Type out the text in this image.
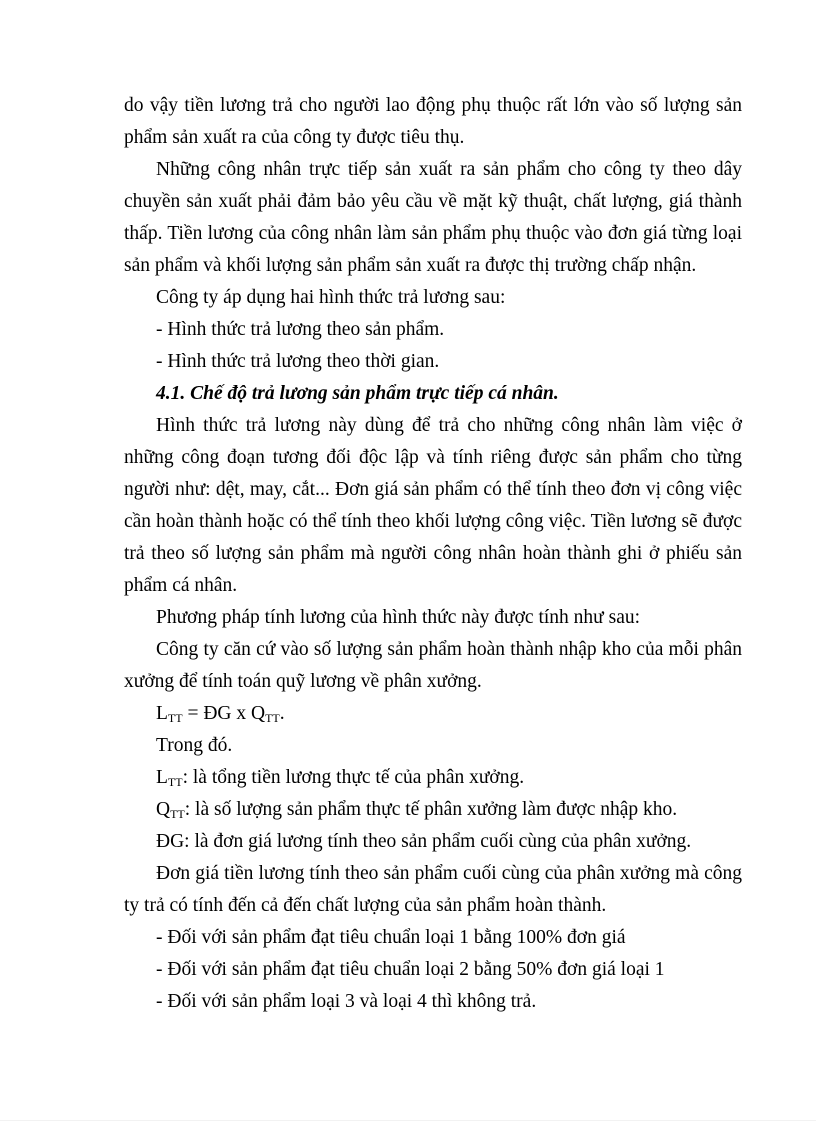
do vậy tiền lương trả cho người lao động phụ thuộc rất lớn vào số lượng sản phẩm sản xuất ra của công ty được tiêu thụ.

Những công nhân trực tiếp sản xuất ra sản phẩm cho công ty theo dây chuyền sản xuất phải đảm bảo yêu cầu về mặt kỹ thuật, chất lượng, giá thành thấp. Tiền lương của công nhân làm sản phẩm phụ thuộc vào đơn giá từng loại sản phẩm và khối lượng sản phẩm sản xuất ra được thị trường chấp nhận.

Công ty áp dụng hai hình thức trả lương sau:

- Hình thức trả lương theo sản phẩm.

- Hình thức trả lương theo thời gian.

4.1. Chế độ trả lương sản phẩm trực tiếp cá nhân.

Hình thức trả lương này dùng để trả cho những công nhân làm việc ở những công đoạn tương đối độc lập và tính riêng được sản phẩm cho từng người như: dệt, may, cắt... Đơn giá sản phẩm có thể tính theo đơn vị công việc cần hoàn thành hoặc có thể tính theo khối lượng công việc. Tiền lương sẽ được trả theo số lượng sản phẩm mà người công nhân hoàn thành ghi ở phiếu sản phẩm cá nhân.

Phương pháp tính lương của hình thức này được tính như sau:

Công ty căn cứ vào số lượng sản phẩm hoàn thành nhập kho của mỗi phân xưởng để tính toán quỹ lương về phân xưởng.

$L_{TT}$ = ĐG x $Q_{TT}$.

Trong đó.

$L_{TT}$: là tổng tiền lương thực tế của phân xưởng.

$Q_{TT}$: là số lượng sản phẩm thực tế phân xưởng làm được nhập kho.

ĐG: là đơn giá lương tính theo sản phẩm cuối cùng của phân xưởng.

Đơn giá tiền lương tính theo sản phẩm cuối cùng của phân xưởng mà công ty trả có tính đến cả đến chất lượng của sản phẩm hoàn thành.

- Đối với sản phẩm đạt tiêu chuẩn loại 1 bằng 100% đơn giá

- Đối với sản phẩm đạt tiêu chuẩn loại 2 bằng 50% đơn giá loại 1

- Đối với sản phẩm loại 3 và loại 4 thì không trả.
